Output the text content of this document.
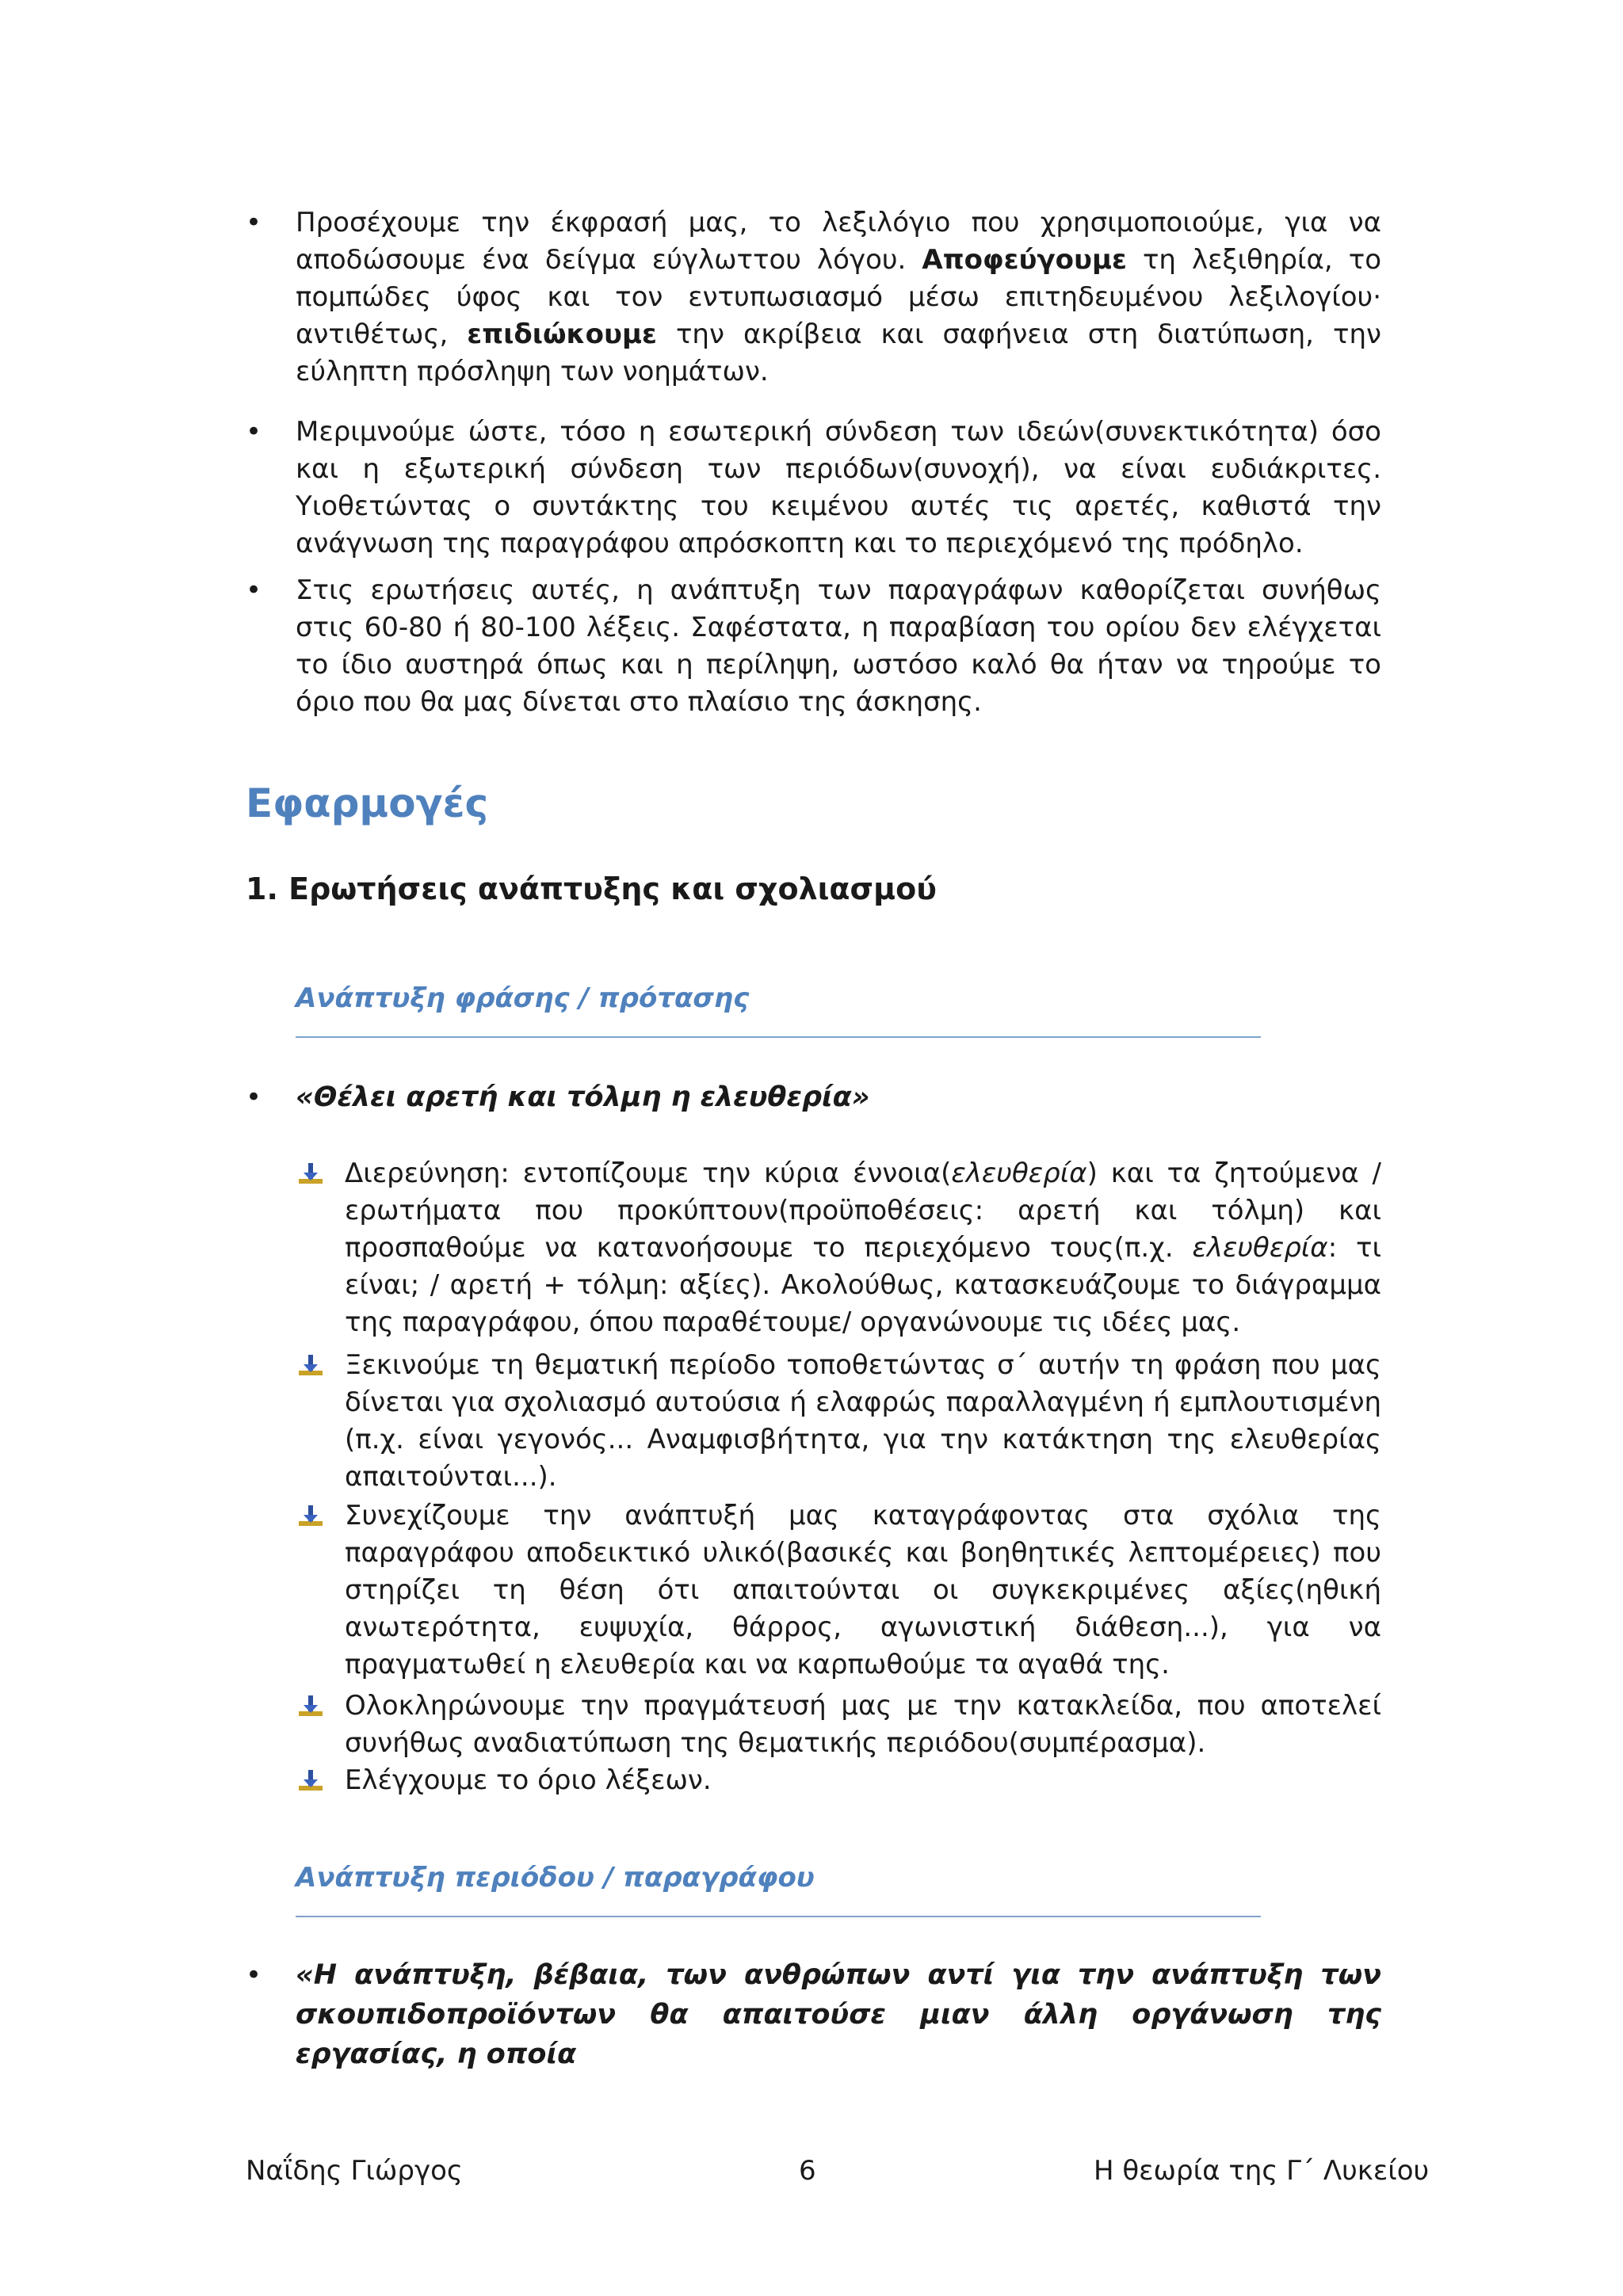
• Προσέχουμε την έκφρασή μας, το λεξιλόγιο που χρησιμοποιούμε, για να αποδώσουμε ένα δείγμα εύγλωττου λόγου. Αποφεύγουμε τη λεξιθηρία, το πομπώδες ύφος και τον εντυπωσιασμό μέσω επιτηδευμένου λεξιλογίου· αντιθέτως, επιδιώκουμε την ακρίβεια και σαφήνεια στη διατύπωση, την εύληπτη πρόσληψη των νοημάτων.
• Μεριμνούμε ώστε, τόσο η εσωτερική σύνδεση των ιδεών(συνεκτικότητα) όσο και η εξωτερική σύνδεση των περιόδων(συνοχή), να είναι ευδιάκριτες. Υιοθετώντας ο συντάκτης του κειμένου αυτές τις αρετές, καθιστά την ανάγνωση της παραγράφου απρόσκοπτη και το περιεχόμενό της πρόδηλο.
• Στις ερωτήσεις αυτές, η ανάπτυξη των παραγράφων καθορίζεται συνήθως στις 60-80 ή 80-100 λέξεις. Σαφέστατα, η παραβίαση του ορίου δεν ελέγχεται το ίδιο αυστηρά όπως και η περίληψη, ωστόσο καλό θα ήταν να τηρούμε το όριο που θα μας δίνεται στο πλαίσιο της άσκησης.
Εφαρμογές
1. Ερωτήσεις ανάπτυξης και σχολιασμού
Ανάπτυξη φράσης / πρότασης
• «Θέλει αρετή και τόλμη η ελευθερία»
Διερεύνηση: εντοπίζουμε την κύρια έννοια(ελευθερία) και τα ζητούμενα / ερωτήματα που προκύπτουν(προϋποθέσεις: αρετή και τόλμη) και προσπαθούμε να κατανοήσουμε το περιεχόμενο τους(π.χ. ελευθερία: τι είναι; / αρετή + τόλμη: αξίες). Ακολούθως, κατασκευάζουμε το διάγραμμα της παραγράφου, όπου παραθέτουμε/ οργανώνουμε τις ιδέες μας.
Ξεκινούμε τη θεματική περίοδο τοποθετώντας σ΄ αυτήν τη φράση που μας δίνεται για σχολιασμό αυτούσια ή ελαφρώς παραλλαγμένη ή εμπλουτισμένη (π.χ. είναι γεγονός... Αναμφισβήτητα, για την κατάκτηση της ελευθερίας απαιτούνται...).
Συνεχίζουμε την ανάπτυξή μας καταγράφοντας στα σχόλια της παραγράφου αποδεικτικό υλικό(βασικές και βοηθητικές λεπτομέρειες) που στηρίζει τη θέση ότι απαιτούνται οι συγκεκριμένες αξίες(ηθική ανωτερότητα, ευψυχία, θάρρος, αγωνιστική διάθεση...), για να πραγματωθεί η ελευθερία και να καρπωθούμε τα αγαθά της.
Ολοκληρώνουμε την πραγμάτευσή μας με την κατακλείδα, που αποτελεί συνήθως αναδιατύπωση της θεματικής περιόδου(συμπέρασμα).
Ελέγχουμε το όριο λέξεων.
Ανάπτυξη περιόδου / παραγράφου
• «Η ανάπτυξη, βέβαια, των ανθρώπων αντί για την ανάπτυξη των σκουπιδοπροϊόντων θα απαιτούσε μιαν άλλη οργάνωση της εργασίας, η οποία
Ναΐδης Γιώργος	6	Η θεωρία της Γ΄ Λυκείου
